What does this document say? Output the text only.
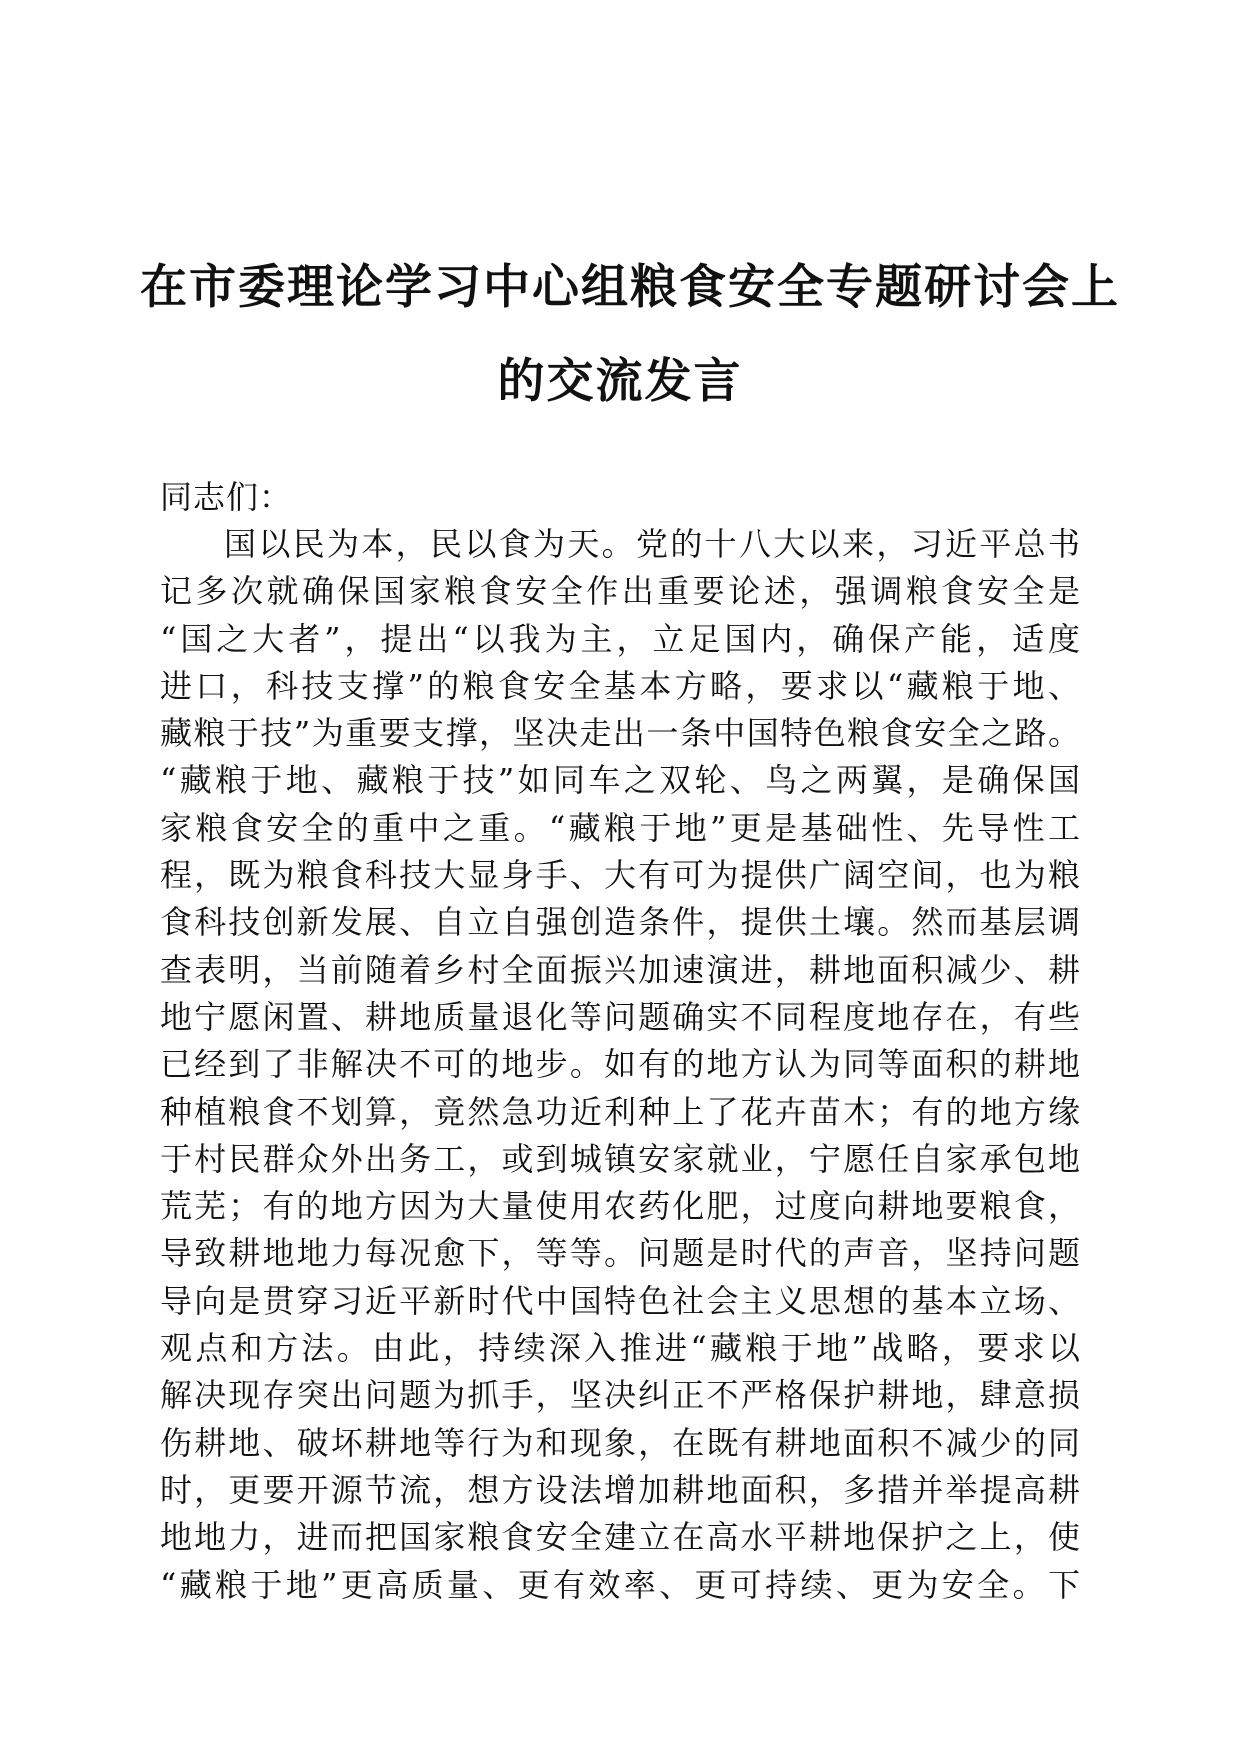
在市委理论学习中心组粮食安全专题研讨会上
的交流发言

同志们：

国以民为本，民以食为天。党的十八大以来，习近平总书
记多次就确保国家粮食安全作出重要论述，强调粮食安全是
“国之大者”，提出“以我为主，立足国内，确保产能，适度
进口，科技支撑”的粮食安全基本方略，要求以“藏粮于地、
藏粮于技”为重要支撑，坚决走出一条中国特色粮食安全之路。
“藏粮于地、藏粮于技”如同车之双轮、鸟之两翼，是确保国
家粮食安全的重中之重。“藏粮于地”更是基础性、先导性工
程，既为粮食科技大显身手、大有可为提供广阔空间，也为粮
食科技创新发展、自立自强创造条件，提供土壤。然而基层调
查表明，当前随着乡村全面振兴加速演进，耕地面积减少、耕
地宁愿闲置、耕地质量退化等问题确实不同程度地存在，有些
已经到了非解决不可的地步。如有的地方认为同等面积的耕地
种植粮食不划算，竟然急功近利种上了花卉苗木；有的地方缘
于村民群众外出务工，或到城镇安家就业，宁愿任自家承包地
荒芜；有的地方因为大量使用农药化肥，过度向耕地要粮食，
导致耕地地力每况愈下，等等。问题是时代的声音，坚持问题
导向是贯穿习近平新时代中国特色社会主义思想的基本立场、
观点和方法。由此，持续深入推进“藏粮于地”战略，要求以
解决现存突出问题为抓手，坚决纠正不严格保护耕地，肆意损
伤耕地、破坏耕地等行为和现象，在既有耕地面积不减少的同
时，更要开源节流，想方设法增加耕地面积，多措并举提高耕
地地力，进而把国家粮食安全建立在高水平耕地保护之上，使
“藏粮于地”更高质量、更有效率、更可持续、更为安全。下
